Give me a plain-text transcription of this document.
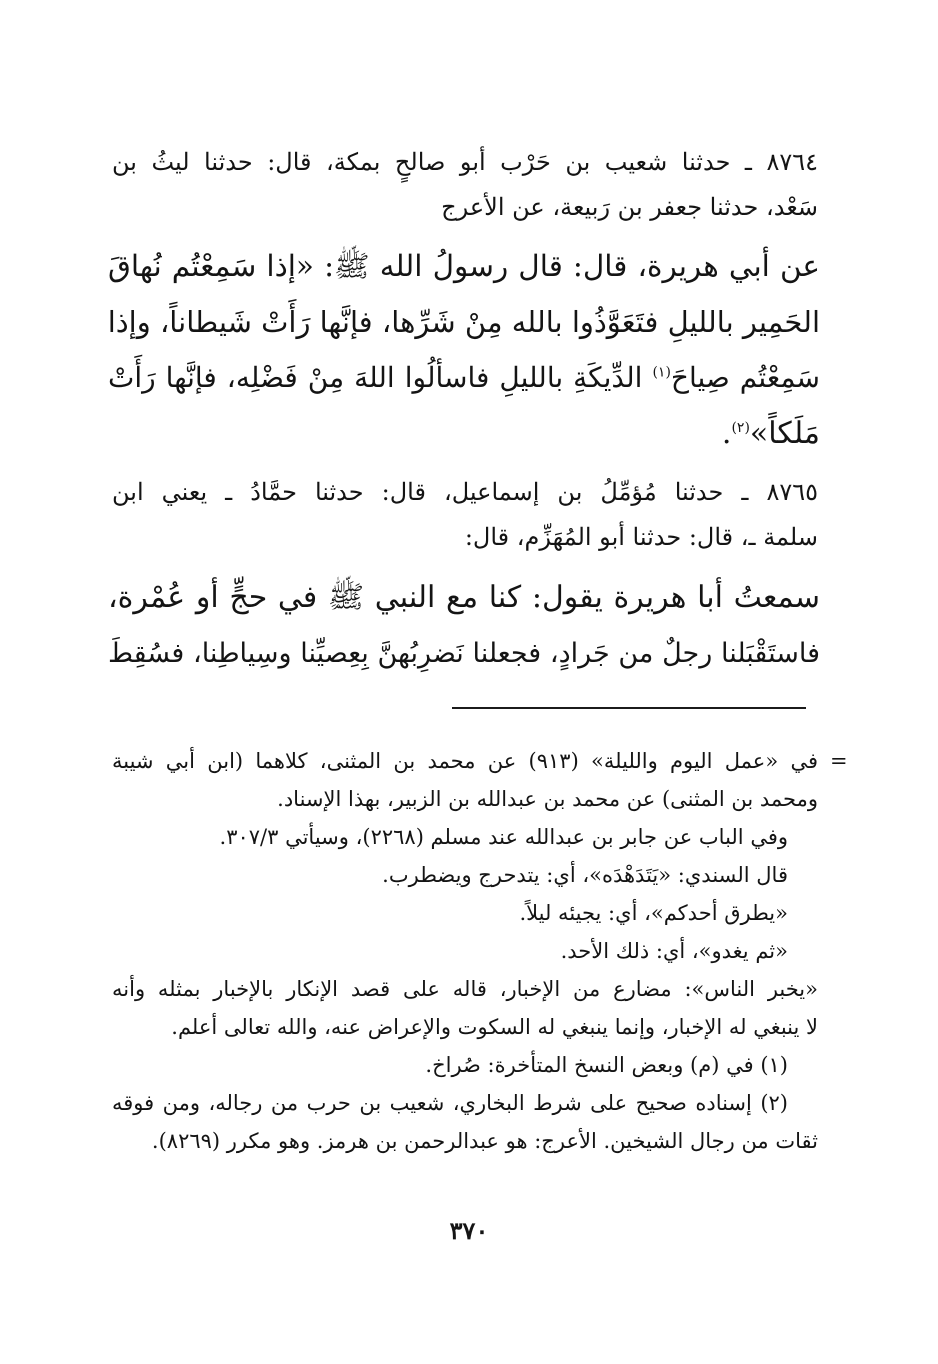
٨٧٦٤ ـ حدثنا شعيب بن حَرْب أبو صالحٍ بمكة، قال: حدثنا ليثُ بن
سَعْد، حدثنا جعفر بن رَبيعة، عن الأعرج
عن أبي هريرة، قال: قال رسولُ الله ﷺ: «إذا سَمِعْتُم نُهاقَ
الحَمِير بالليلِ فتَعَوَّذُوا بالله مِنْ شَرِّها، فإنَّها رَأَتْ شَيطاناً، وإذا
سَمِعْتُم صِياحَ$^{(١)}$ الدِّيكَةِ بالليلِ فاسألُوا اللهَ مِنْ فَضْلِه، فإنَّها رَأَتْ
مَلَكاً»$^{(٢)}$.
٨٧٦٥ ـ حدثنا مُؤمِّلُ بن إسماعيل، قال: حدثنا حمَّادُ ـ يعني ابن
سلمة ـ، قال: حدثنا أبو المُهَزِّم، قال:
سمعتُ أبا هريرة يقول: كنا مع النبي ﷺ في حجٍّ أو عُمْرة،
فاستَقْبَلنا رجلٌ من جَرادٍ، فجعلنا نَضرِبُهنَّ بِعِصيِّنا وسِياطِنا، فسُقِطَ
=
في «عمل اليوم والليلة» (٩١٣) عن محمد بن المثنى، كلاهما (ابن أبي شيبة
ومحمد بن المثنى) عن محمد بن عبدالله بن الزبير، بهذا الإسناد.
وفي الباب عن جابر بن عبدالله عند مسلم (٢٢٦٨)، وسيأتي ٣٠٧/٣.
قال السندي: «يَتَدَهْدَه»، أي: يتدحرج ويضطرب.
«يطرق أحدكم»، أي: يجيئه ليلاً.
«ثم يغدو»، أي: ذلك الأحد.
«يخبر الناس»: مضارع من الإخبار، قاله على قصد الإنكار بالإخبار بمثله وأنه
لا ينبغي له الإخبار، وإنما ينبغي له السكوت والإعراض عنه، والله تعالى أعلم.
(١) في (م) وبعض النسخ المتأخرة: صُراخ.
(٢) إسناده صحيح على شرط البخاري، شعيب بن حرب من رجاله، ومن فوقه
ثقات من رجال الشيخين. الأعرج: هو عبدالرحمن بن هرمز. وهو مكرر (٨٢٦٩).
٣٧٠
